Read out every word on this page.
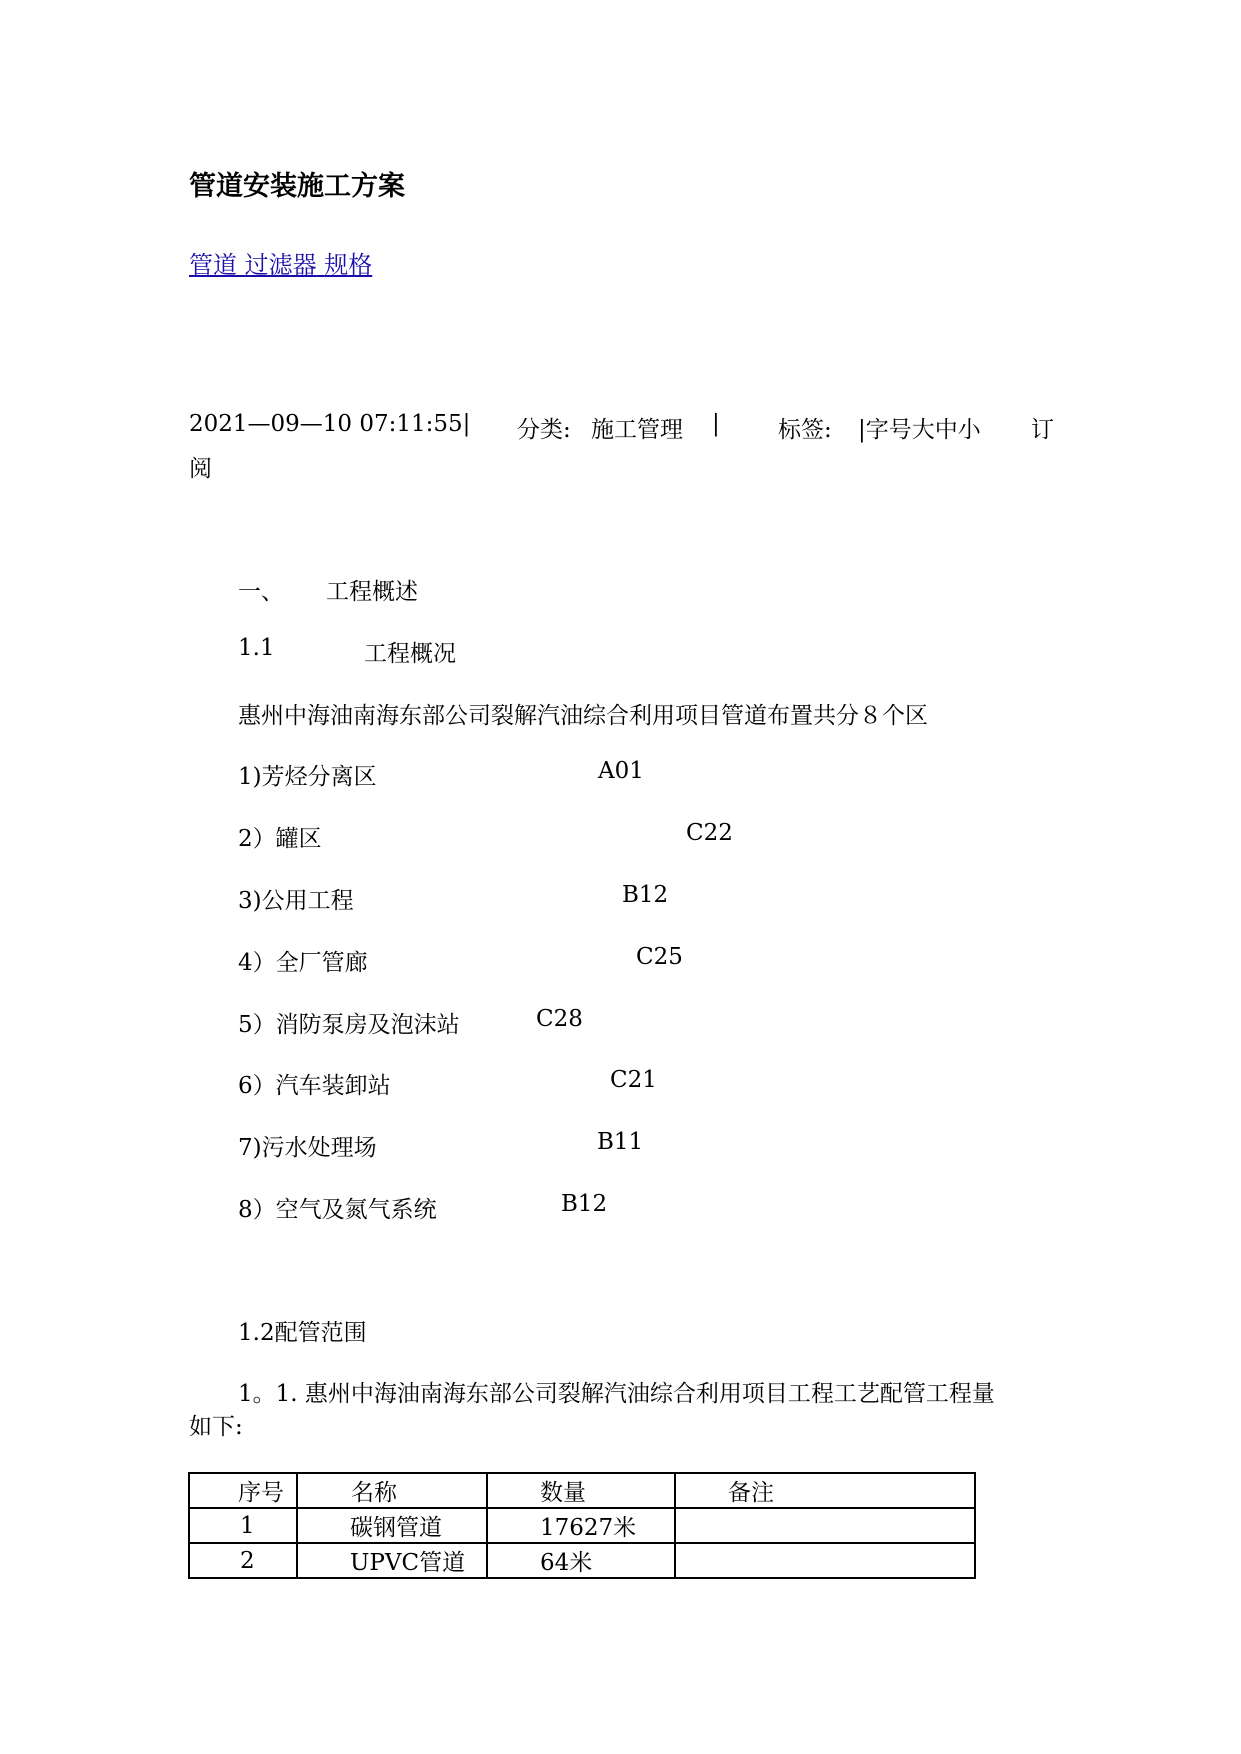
管道安装施工方案
管道 过滤器 规格
2021—09—10 07:11:55| 分类: 施工管理 |	标签: |字号大中小 订
阅
一、 工程概述
1.1	工程概况
惠州中海油南海东部公司裂解汽油综合利用项目管道布置共分８个区
1)芳烃分离区	A01
2）罐区	C22
3)公用工程	B12
4）全厂管廊	C25
5）消防泵房及泡沫站	C28
6）汽车装卸站	C21
7)污水处理场	B11
8）空气及氮气系统	B12
1.2配管范围
1。1. 惠州中海油南海东部公司裂解汽油综合利用项目工程工艺配管工程量
如下:
序号	名称	数量	备注
1	碳钢管道	17627米	
2	UPVC管道	64米	
